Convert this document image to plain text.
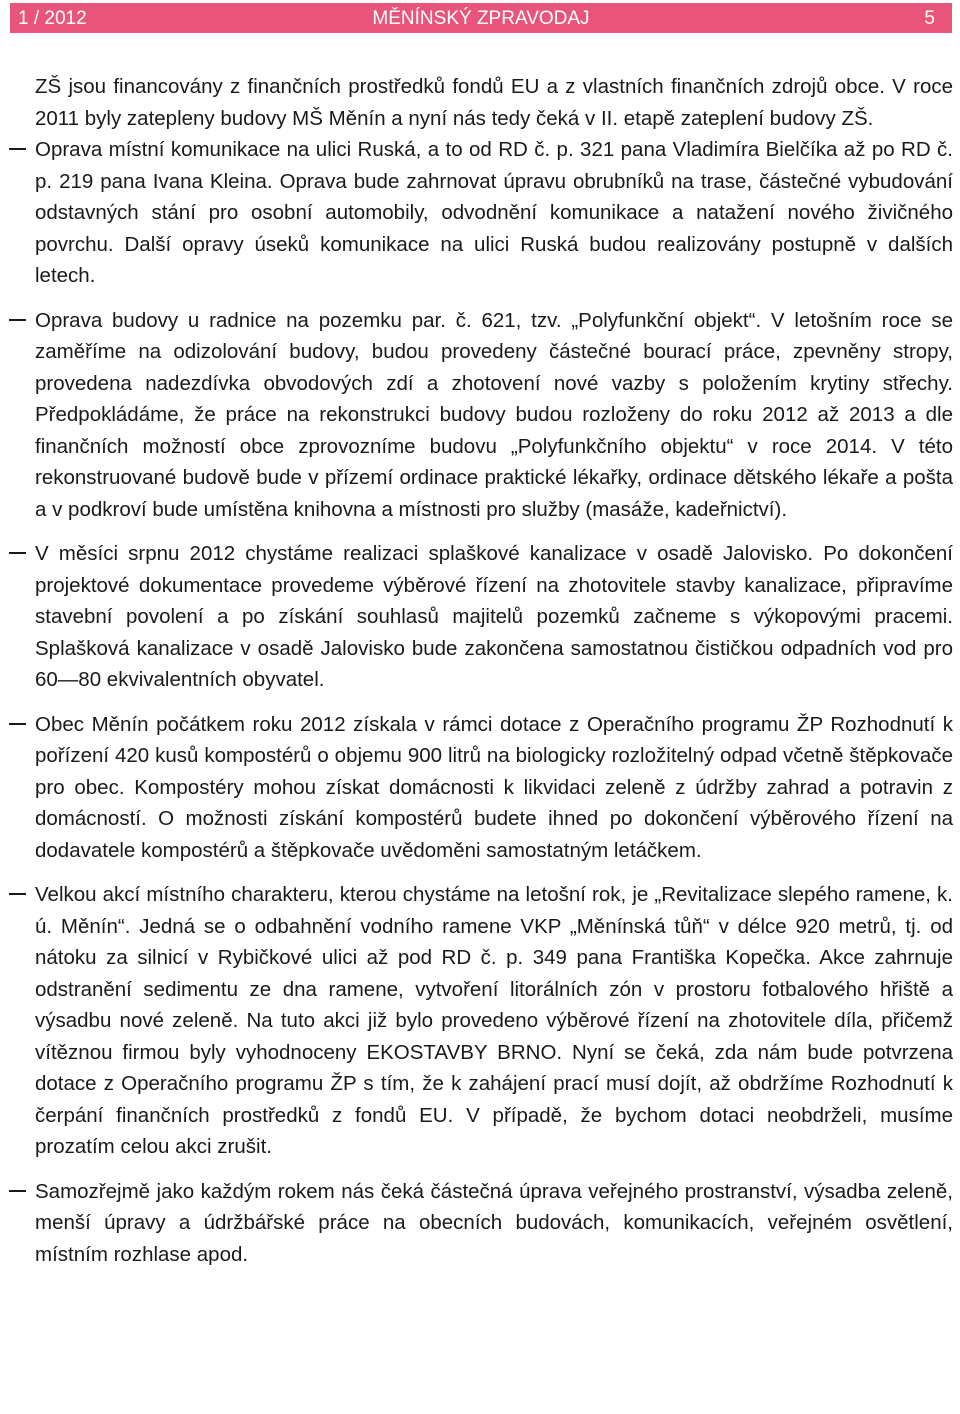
1 / 2012	MĚNÍNSKÝ ZPRAVODAJ	5

ZŠ jsou financovány z finančních prostředků fondů EU a z vlastních finančních zdrojů obce. V roce 2011 byly zatepleny budovy MŠ Měnín a nyní nás tedy čeká v II. etapě zateplení budovy ZŠ.

Oprava místní komunikace na ulici Ruská, a to od RD č. p. 321 pana Vladimíra Bielčíka až po RD č. p. 219 pana Ivana Kleina. Oprava bude zahrnovat úpravu obrubníků na trase, částečné vybudování odstavných stání pro osobní automobily, odvodnění komunikace a natažení nového živičného povrchu. Další opravy úseků komunikace na ulici Ruská budou realizovány postupně v dalších letech.

Oprava budovy u radnice na pozemku par. č. 621, tzv. „Polyfunkční objekt“. V letošním roce se zaměříme na odizolování budovy, budou provedeny částečné bourací práce, zpevněny stropy, provedena nadezdívka obvodových zdí a zhotovení nové vazby s položením krytiny střechy. Předpokládáme, že práce na rekonstrukci budovy budou rozloženy do roku 2012 až 2013 a dle finančních možností obce zprovozníme budovu „Polyfunkčního objektu“ v roce 2014. V této rekonstruované budově bude v přízemí ordinace praktické lékařky, ordinace dětského lékaře a pošta a v podkroví bude umístěna knihovna a místnosti pro služby (masáže, kadeřnictví).

V měsíci srpnu 2012 chystáme realizaci splaškové kanalizace v osadě Jalovisko. Po dokončení projektové dokumentace provedeme výběrové řízení na zhotovitele stavby kanalizace, připravíme stavební povolení a po získání souhlasů majitelů pozemků začneme s výkopovými pracemi. Splašková kanalizace v osadě Jalovisko bude zakončena samostatnou čističkou odpadních vod pro 60—80 ekvivalentních obyvatel.

Obec Měnín počátkem roku 2012 získala v rámci dotace z Operačního programu ŽP Rozhodnutí k pořízení 420 kusů kompostérů o objemu 900 litrů na biologicky rozložitelný odpad včetně štěpkovače pro obec. Kompostéry mohou získat domácnosti k likvidaci zeleně z údržby zahrad a potravin z domácností. O možnosti získání kompostérů budete ihned po dokončení výběrového řízení na dodavatele kompostérů a štěpkovače uvědoměni samostatným letáčkem.

Velkou akcí místního charakteru, kterou chystáme na letošní rok, je „Revitalizace slepého ramene, k. ú. Měnín“. Jedná se o odbahnění vodního ramene VKP „Měnínská tůň“ v délce 920 metrů, tj. od nátoku za silnicí v Rybičkové ulici až pod RD č. p. 349 pana Františka Kopečka. Akce zahrnuje odstranění sedimentu ze dna ramene, vytvoření litorálních zón v prostoru fotbalového hřiště a výsadbu nové zeleně. Na tuto akci již bylo provedeno výběrové řízení na zhotovitele díla, přičemž vítěznou firmou byly vyhodnoceny EKOSTAVBY BRNO. Nyní se čeká, zda nám bude potvrzena dotace z Operačního programu ŽP s tím, že k zahájení prací musí dojít, až obdržíme Rozhodnutí k čerpání finančních prostředků z fondů EU. V případě, že bychom dotaci neobdrželi, musíme prozatím celou akci zrušit.

Samozřejmě jako každým rokem nás čeká částečná úprava veřejného prostranství, výsadba zeleně, menší úpravy a údržbářské práce na obecních budovách, komunikacích, veřejném osvětlení, místním rozhlase apod.
